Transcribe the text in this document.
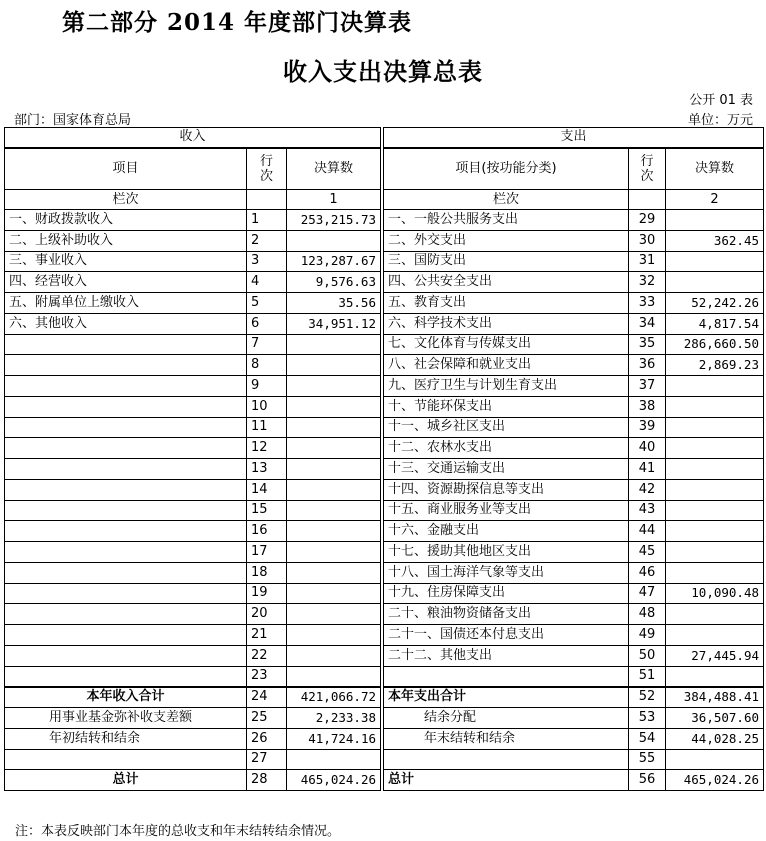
第二部分 2014 年度部门决算表
收入支出决算总表
公开 01 表
部门：国家体育总局	单位：万元
收入				支出		
项目	行次	决算数		项目(按功能分类)	行次	决算数
栏次		1		栏次		2
一、财政拨款收入	1	253,215.73		一、一般公共服务支出	29	
二、上级补助收入	2			二、外交支出	30	362.45
三、事业收入	3	123,287.67		三、国防支出	31	
四、经营收入	4	9,576.63		四、公共安全支出	32	
五、附属单位上缴收入	5	35.56		五、教育支出	33	52,242.26
六、其他收入	6	34,951.12		六、科学技术支出	34	4,817.54
	7			七、文化体育与传媒支出	35	286,660.50
	8			八、社会保障和就业支出	36	2,869.23
	9			九、医疗卫生与计划生育支出	37	
	10			十、节能环保支出	38	
	11			十一、城乡社区支出	39	
	12			十二、农林水支出	40	
	13			十三、交通运输支出	41	
	14			十四、资源勘探信息等支出	42	
	15			十五、商业服务业等支出	43	
	16			十六、金融支出	44	
	17			十七、援助其他地区支出	45	
	18			十八、国土海洋气象等支出	46	
	19			十九、住房保障支出	47	10,090.48
	20			二十、粮油物资储备支出	48	
	21			二十一、国债还本付息支出	49	
	22			二十二、其他支出	50	27,445.94
	23				51	
本年收入合计	24	421,066.72		本年支出合计	52	384,488.41
用事业基金弥补收支差额	25	2,233.38		结余分配	53	36,507.60
年初结转和结余	26	41,724.16		年末结转和结余	54	44,028.25
	27				55	
总计	28	465,024.26		总计	56	465,024.26
注：本表反映部门本年度的总收支和年末结转结余情况。
